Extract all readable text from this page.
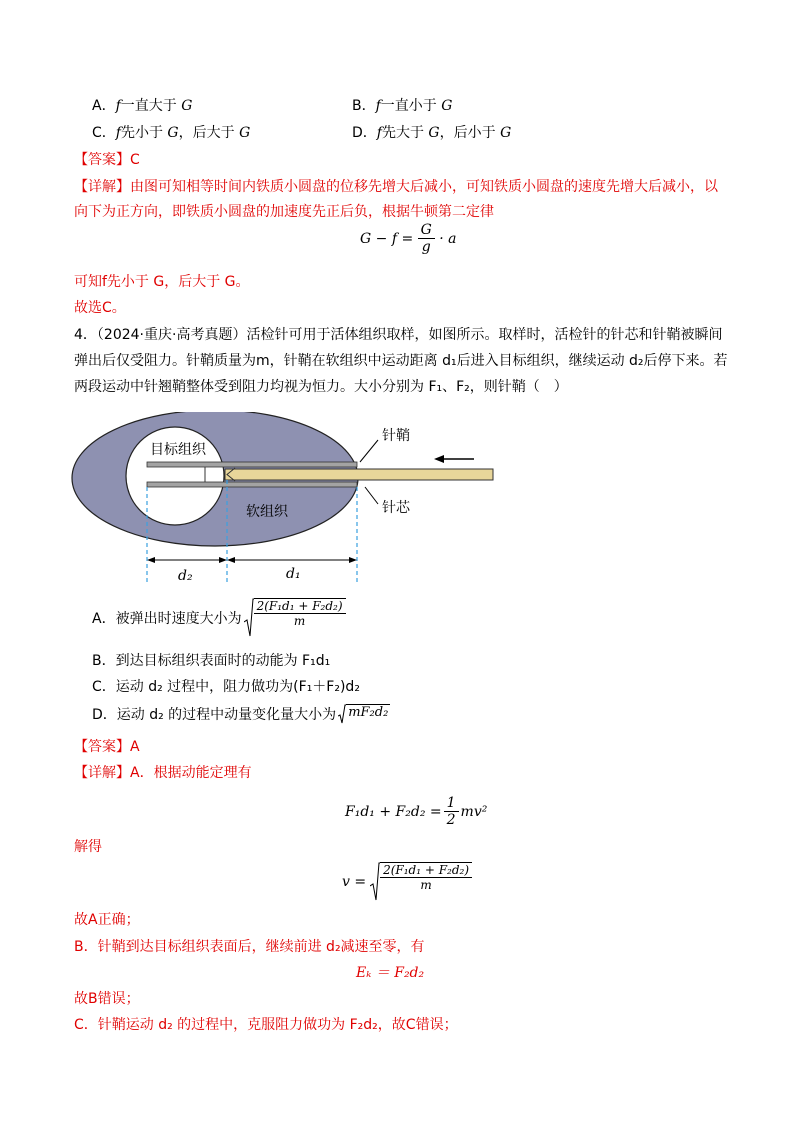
A．f一直大于 G	B．f一直小于 G
C．f先小于 G，后大于 G	D．f先大于 G，后小于 G
【答案】C
【详解】由图可知相等时间内铁质小圆盘的位移先增大后减小，可知铁质小圆盘的速度先增大后减小，以
向下为正方向，即铁质小圆盘的加速度先正后负，根据牛顿第二定律
$G - f = \frac{G}{g} \cdot a$
可知f先小于 G，后大于 G。
故选C。
4．（2024·重庆·高考真题）活检针可用于活体组织取样，如图所示。取样时，活检针的针芯和针鞘被瞬间
弹出后仅受阻力。针鞘质量为m，针鞘在软组织中运动距离 d₁后进入目标组织，继续运动 d₂后停下来。若
两段运动中针翘鞘整体受到阻力均视为恒力。大小分别为 F₁、F₂，则针鞘（　）
目标组织
针鞘
针芯
软组织
d₂	d₁
A．被弹出时速度大小为 $\frac{\text{2(F₁d₁ + F₂d₂)}}{m}$
B．到达目标组织表面时的动能为 F₁d₁
C．运动 d₂ 过程中，阻力做功为(F₁＋F₂)d₂
D．运动 d₂ 的过程中动量变化量大小为 mF₂d₂
【答案】A
【详解】A．根据动能定理有
$F_1d_1 + F_2d_2 = \frac{1}{2} mv^2$
解得
$v = \frac{\text{2(F₁d₁ + F₂d₂)}}{m}$
故A正确；
B．针鞘到达目标组织表面后，继续前进 d₂减速至零，有
Eₖ ＝ F₂d₂
故B错误；
C．针鞘运动 d₂ 的过程中，克服阻力做功为 F₂d₂，故C错误；
